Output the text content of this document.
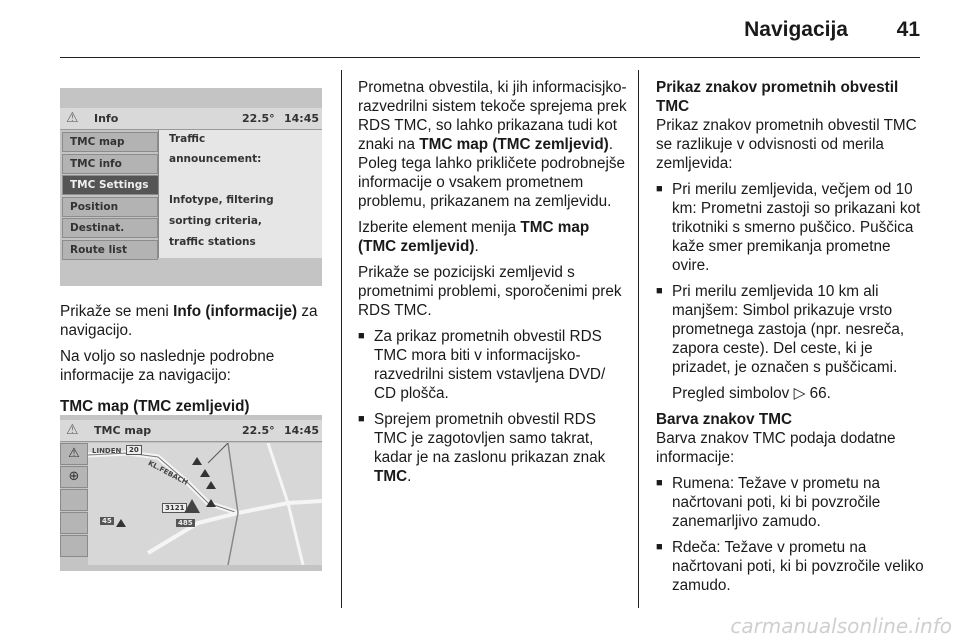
Navigacija 41
⚠ Info	22.5° 14:45
TMC map
TMC info
TMC Settings
Position
Destinat.
Route list
Traffic
announcement:
Infotype, filtering
sorting criteria,
traffic stations

Prikaže se meni Info (informacije) za navigacijo.

Na voljo so naslednje podrobne informacije za navigacijo:

TMC map (TMC zemljevid)

⚠ TMC map	22.5° 14:45
⚠
⊕
LINDEN	20
KL.FEBACH
3121
45	485

Prometna obvestila, ki jih informacisjko-razvedrilni sistem tekoče sprejema prek RDS TMC, so lahko prikazana tudi kot znaki na TMC map (TMC zemljevid). Poleg tega lahko prikličete podrobnejše informacije o vsakem prometnem problemu, prikazanem na zemljevidu.

Izberite element menija TMC map (TMC zemljevid).

Prikaže se pozicijski zemljevid s prometnimi problemi, sporočenimi prek RDS TMC.

■ Za prikaz prometnih obvestil RDS TMC mora biti v informacijsko-razvedrilni sistem vstavljena DVD/ CD plošča.
■ Sprejem prometnih obvestil RDS TMC je zagotovljen samo takrat, kadar je na zaslonu prikazan znak TMC.
Prikaz znakov prometnih obvestil
TMC

Prikaz znakov prometnih obvestil TMC se razlikuje v odvisnosti od merila zemljevida:

■ Pri merilu zemljevida, večjem od 10 km: Prometni zastoji so prikazani kot trikotniki s smerno puščico. Puščica kaže smer premikanja prometne ovire.
■ Pri merilu zemljevida 10 km ali manjšem: Simbol prikazuje vrsto prometnega zastoja (npr. nesreča, zapora ceste). Del ceste, ki je prizadet, je označen s puščicami.

Pregled simbolov ▷ 66.

Barva znakov TMC

Barva znakov TMC podaja dodatne informacije:

■ Rumena: Težave v prometu na načrtovani poti, ki bi povzročile zanemarljivo zamudo.
■ Rdeča: Težave v prometu na načrtovani poti, ki bi povzročile veliko zamudo.
carmanualsonline.info
